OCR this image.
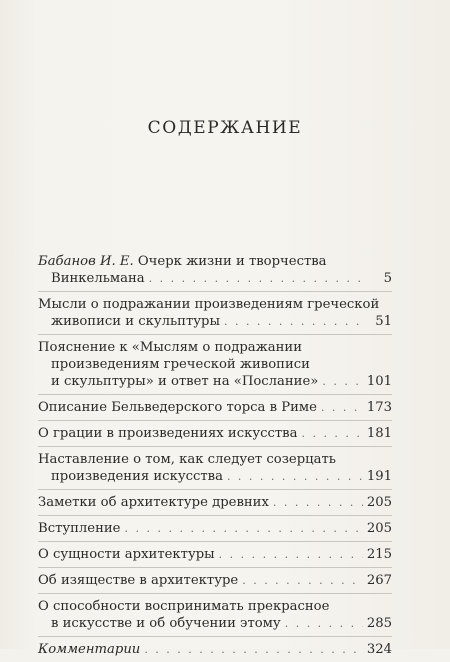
СОДЕРЖАНИЕ
Бабанов И. Е. Очерк жизни и творчества
Винкельмана . . .	5
Мысли о подражании произведениям греческой
живописи и скульптуры . . .	51
Пояснение к «Мыслям о подражании
произведениям греческой живописи
и скульптуры» и ответ на «Послание» . . .	101
Описание Бельведерского торса в Риме . . .	173
О грации в произведениях искусства . . .	181
Наставление о том, как следует созерцать
произведения искусства . . .	191
Заметки об архитектуре древних . . .	205
Вступление . . .	205
О сущности архитектуры . . .	215
Об изяществе в архитектуре . . .	267
О способности воспринимать прекрасное
в искусстве и об обучении этому . . .	285
Комментарии . . .	324
